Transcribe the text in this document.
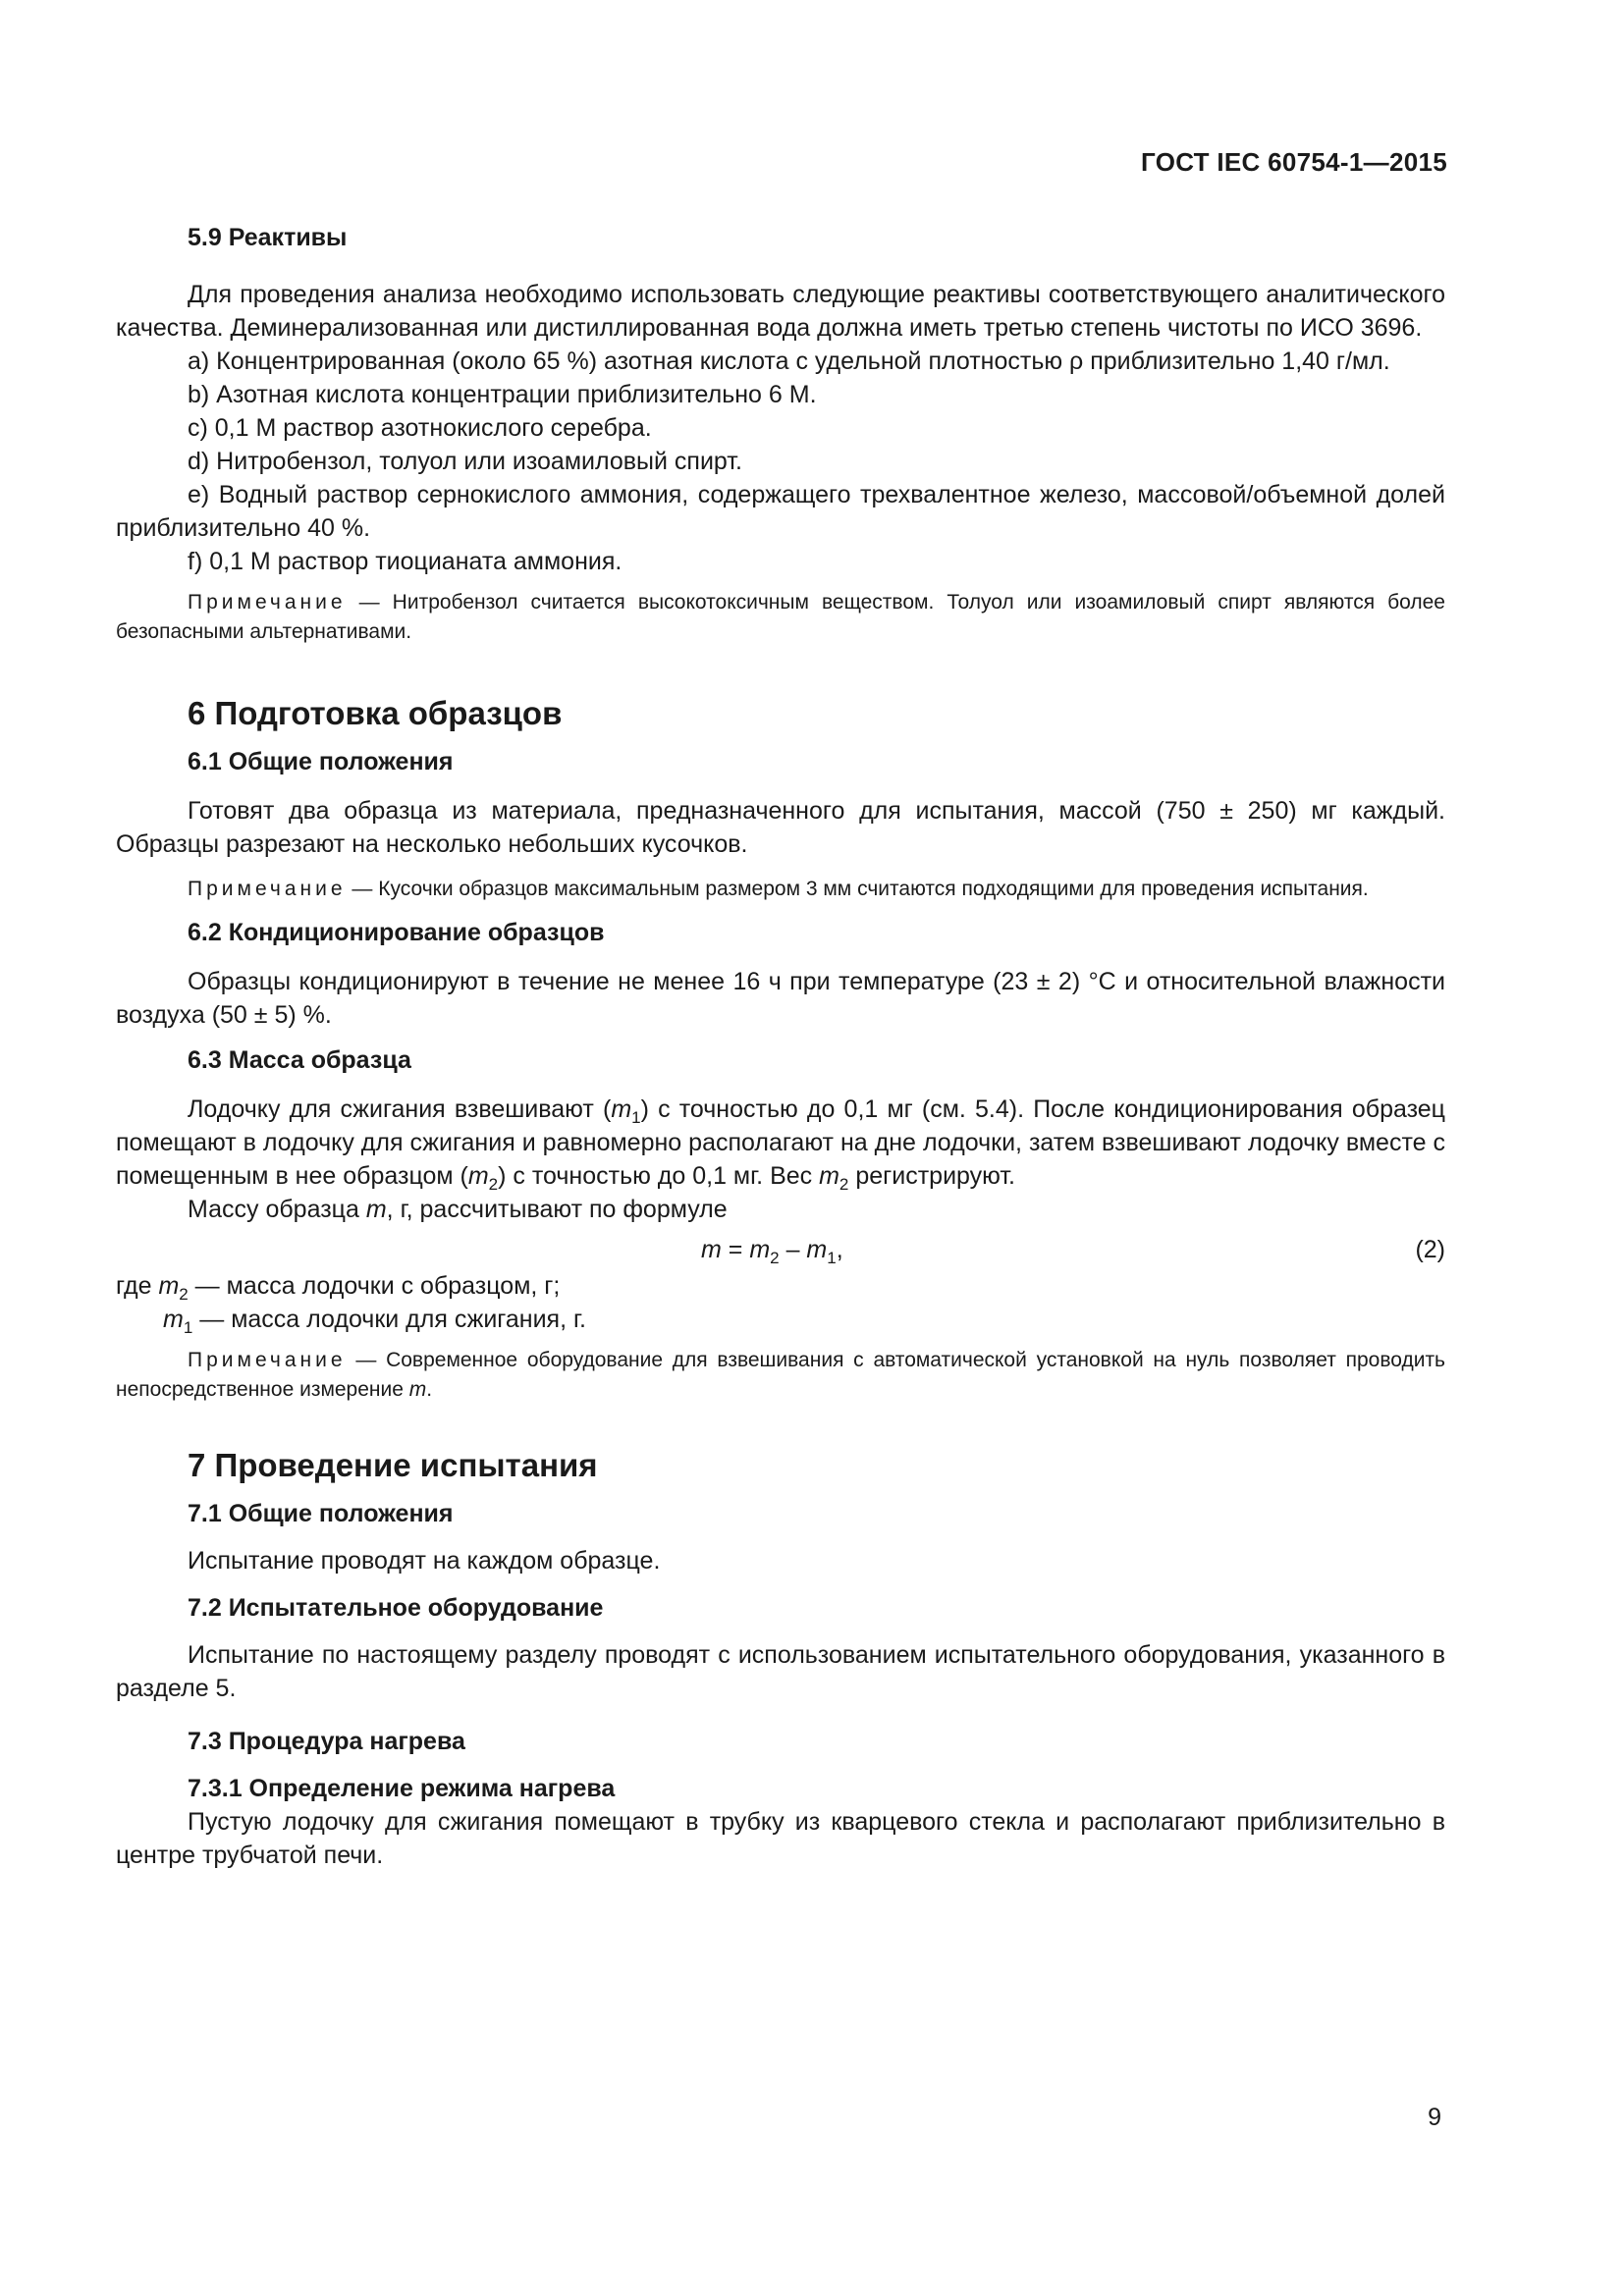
ГОСТ IEC 60754-1—2015

5.9 Реактивы

Для проведения анализа необходимо использовать следующие реактивы соответствующего аналитического качества. Деминерализованная или дистиллированная вода должна иметь третью степень чистоты по ИСО 3696.

a) Концентрированная (около 65 %) азотная кислота с удельной плотностью ρ приблизительно 1,40 г/мл.

b) Азотная кислота концентрации приблизительно 6 М.

c) 0,1 М раствор азотнокислого серебра.

d) Нитробензол, толуол или изоамиловый спирт.

e) Водный раствор сернокислого аммония, содержащего трехвалентное железо, массовой/объемной долей приблизительно 40 %.

f) 0,1 М раствор тиоцианата аммония.

Примечание — Нитробензол считается высокотоксичным веществом. Толуол или изоамиловый спирт являются более безопасными альтернативами.

6 Подготовка образцов

6.1 Общие положения

Готовят два образца из материала, предназначенного для испытания, массой (750 ± 250) мг каждый. Образцы разрезают на несколько небольших кусочков.

Примечание — Кусочки образцов максимальным размером 3 мм считаются подходящими для проведения испытания.

6.2 Кондиционирование образцов

Образцы кондиционируют в течение не менее 16 ч при температуре (23 ± 2) °С и относительной влажности воздуха (50 ± 5) %.

6.3 Масса образца

Лодочку для сжигания взвешивают $(m_1)$ с точностью до 0,1 мг (см. 5.4). После кондиционирования образец помещают в лодочку для сжигания и равномерно располагают на дне лодочки, затем взвешивают лодочку вместе с помещенным в нее образцом $(m_2)$ с точностью до 0,1 мг. Вес $m_2$ регистрируют.

Массу образца m, г, рассчитывают по формуле

$m = m_2 - m_1$,	(2)

где $m_2$ — масса лодочки с образцом, г;

$m_1$ — масса лодочки для сжигания, г.

Примечание — Современное оборудование для взвешивания с автоматической установкой на нуль позволяет проводить непосредственное измерение m.

7 Проведение испытания

7.1 Общие положения

Испытание проводят на каждом образце.

7.2 Испытательное оборудование

Испытание по настоящему разделу проводят с использованием испытательного оборудования, указанного в разделе 5.

7.3 Процедура нагрева

7.3.1 Определение режима нагрева

Пустую лодочку для сжигания помещают в трубку из кварцевого стекла и располагают приблизительно в центре трубчатой печи.

9
